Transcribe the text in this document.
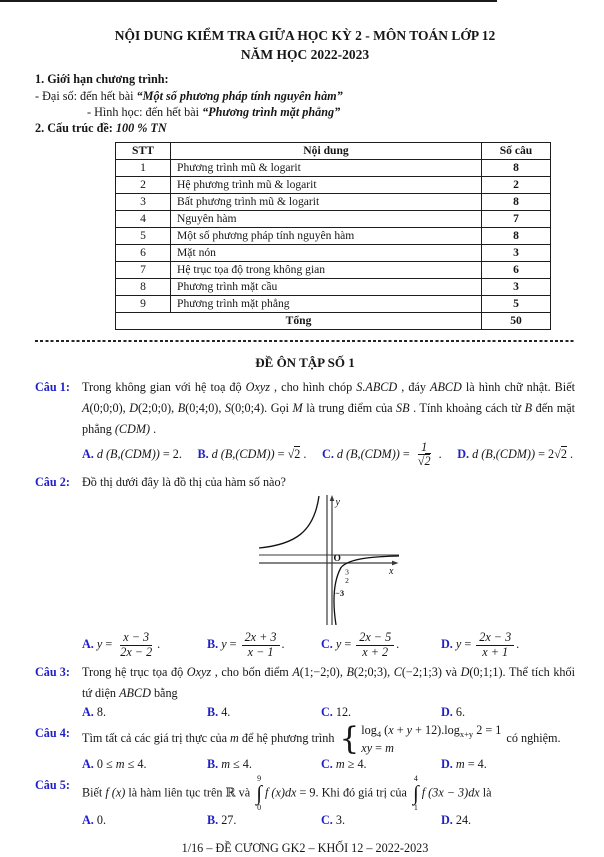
NỘI DUNG KIỂM TRA GIỮA HỌC KỲ 2 - MÔN TOÁN LỚP 12
NĂM HỌC 2022-2023
1. Giới hạn chương trình:
- Đại số: đến hết bài “Một số phương pháp tính nguyên hàm”
- Hình học: đến hết bài “Phương trình mặt phẳng”
2. Cấu trúc đề: 100 % TN
STT	Nội dung	Số câu
1	Phương trình mũ & logarit	8
2	Hệ phương trình mũ & logarit	2
3	Bất phương trình mũ & logarit	8
4	Nguyên hàm	7
5	Một số phương pháp tính nguyên hàm	8
6	Mặt nón	3
7	Hệ trục tọa độ trong không gian	6
8	Phương trình mặt cầu	3
9	Phương trình mặt phẳng	5
Tổng		50
ĐỀ ÔN TẬP SỐ 1
Câu 1: Trong không gian với hệ toạ độ Oxyz , cho hình chóp S.ABCD , đáy ABCD là hình chữ nhật. Biết A(0;0;0), D(2;0;0), B(0;4;0), S(0;0;4). Gọi M là trung điểm của SB . Tính khoảng cách từ B đến mặt phẳng (CDM) .
A. d (B,(CDM)) = 2. B. d (B,(CDM)) = √2 . C. d $(B,(CDM)) = \frac{1}{√2}$ . D. d (B,(CDM)) = 2√2 .
Câu 2: Đồ thị dưới đây là đồ thị của hàm số nào?
y
x
O
3
2
−3
A. $y = \frac{x - 3}{2x - 2}$ .	B. $y = \frac{2x + 3}{x - 1}$ .	C. $y = \frac{2x - 5}{x + 2}$ .	D. $y = \frac{2x - 3}{x + 1}$ .
Câu 3: Trong hệ trục tọa độ Oxyz , cho bốn điểm A(1;−2;0), B(2;0;3), C(−2;1;3) và D(0;1;1). Thể tích khối tứ diện ABCD bằng
A. 8.	B. 4.	C. 12.	D. 6.
Câu 4: Tìm tất cả các giá trị thực của m để hệ phương trình { $\log_4 (x + y + 12).\log_{x+y}$ 2 = 1
xy = m
có nghiệm.
A. 0 ≤ m ≤ 4.	B. m ≤ 4.	C. m ≥ 4.	D. m = 4.
Câu 5:
Biết f (x) là hàm liên tục trên ℝ và
9
∫
0
f (x)dx = 9. Khi đó giá trị của
4
∫
1
f (3x − 3)dx là
A. 0.	B. 27.	C. 3.	D. 24.
1/16 – ĐỀ CƯƠNG GK2 – KHỐI 12 – 2022-2023
